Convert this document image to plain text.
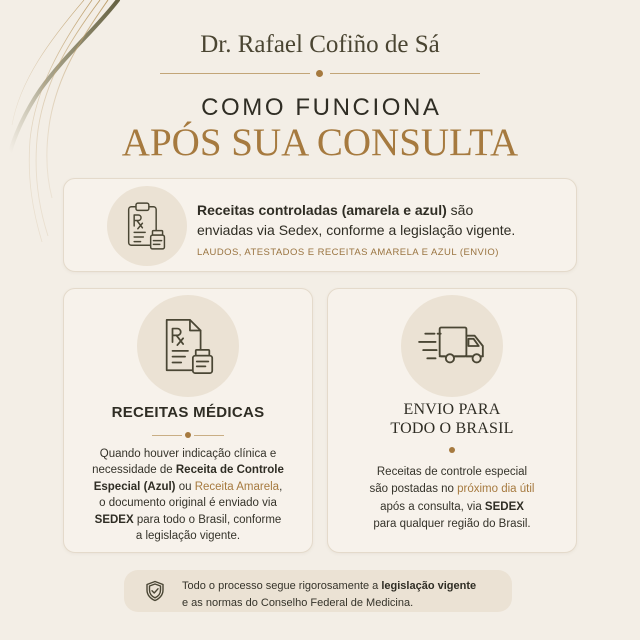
Dr. Rafael Cofiño de Sá
COMO FUNCIONA
APÓS SUA CONSULTA
Receitas controladas (amarela e azul) são
enviadas via Sedex, conforme a legislação vigente.
LAUDOS, ATESTADOS E RECEITAS AMARELA E AZUL (ENVIO)
RECEITAS MÉDICAS
Quando houver indicação clínica e
necessidade de Receita de Controle
Especial (Azul) ou Receita Amarela,
o documento original é enviado via
SEDEX para todo o Brasil, conforme
a legislação vigente.
ENVIO PARA
TODO O BRASIL
Receitas de controle especial
são postadas no próximo dia útil
após a consulta, via SEDEX
para qualquer região do Brasil.
Todo o processo segue rigorosamente a legislação vigente
e as normas do Conselho Federal de Medicina.
